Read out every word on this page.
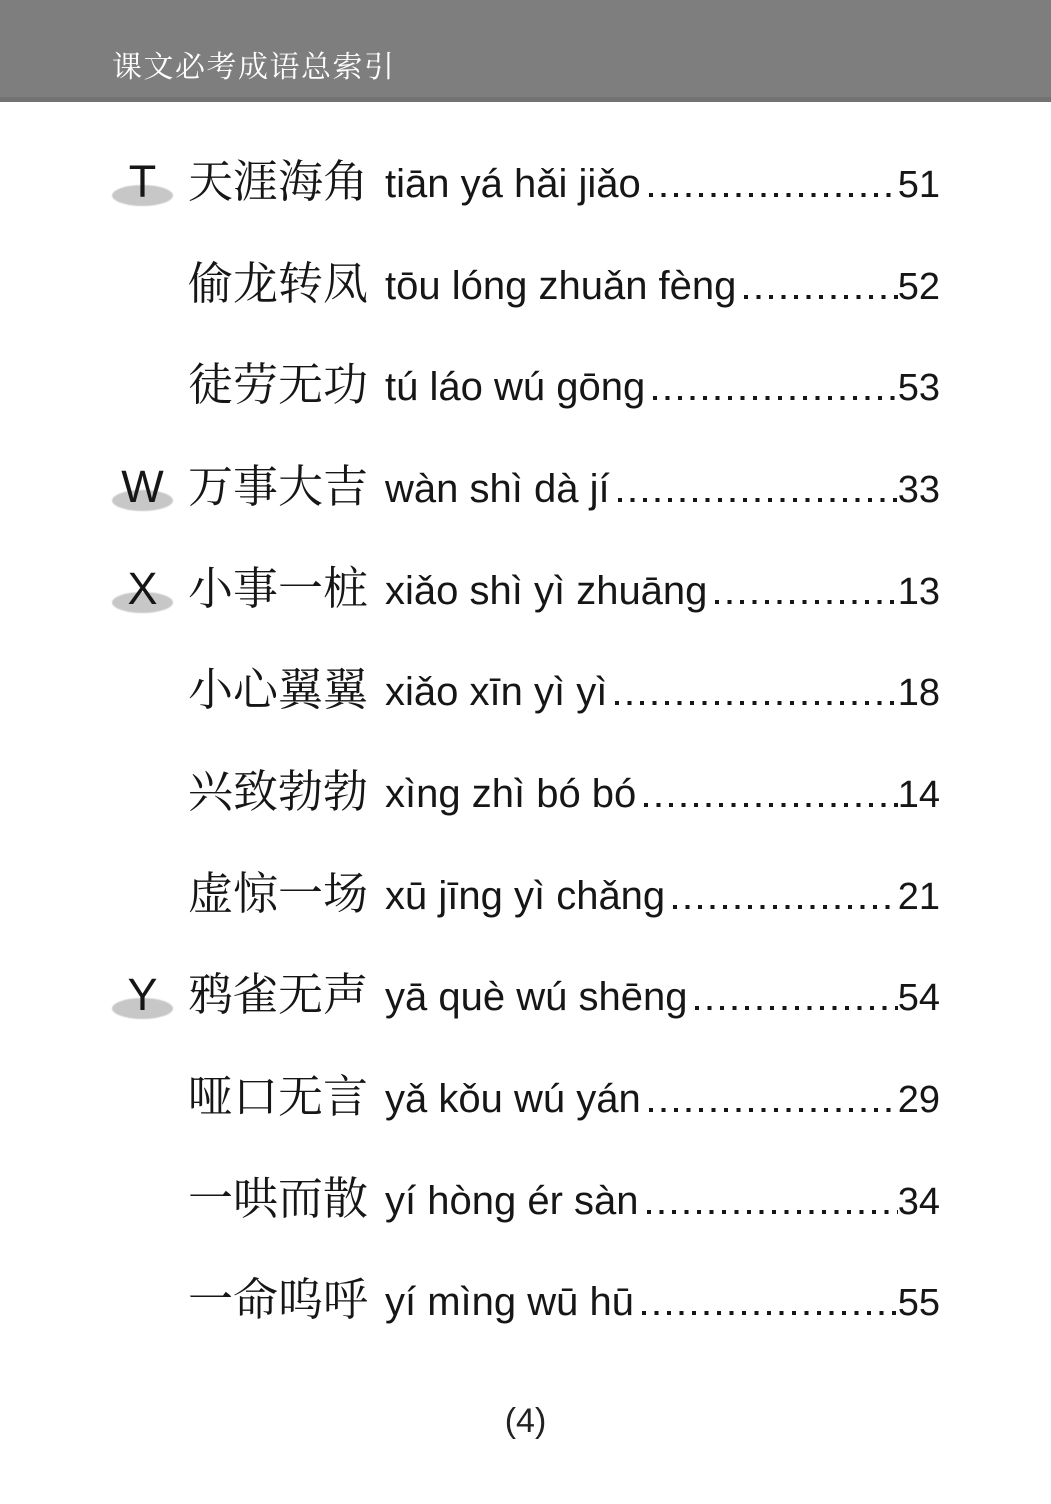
课文必考成语总索引
T 天涯海角 tiān yá hǎi jiǎo	51
偷龙转凤 tōu lóng zhuǎn fèng	52
徒劳无功 tú láo wú gōng	53
W 万事大吉 wàn shì dà jí	33
X 小事一桩 xiǎo shì yì zhuāng	13
小心翼翼 xiǎo xīn yì yì	18
兴致勃勃 xìng zhì bó bó	14
虚惊一场 xū jīng yì chǎng	21
Y 鸦雀无声 yā què wú shēng	54
哑口无言 yǎ kǒu wú yán	29
一哄而散 yí hòng ér sàn	34
一命呜呼 yí mìng wū hū	55
(4)
